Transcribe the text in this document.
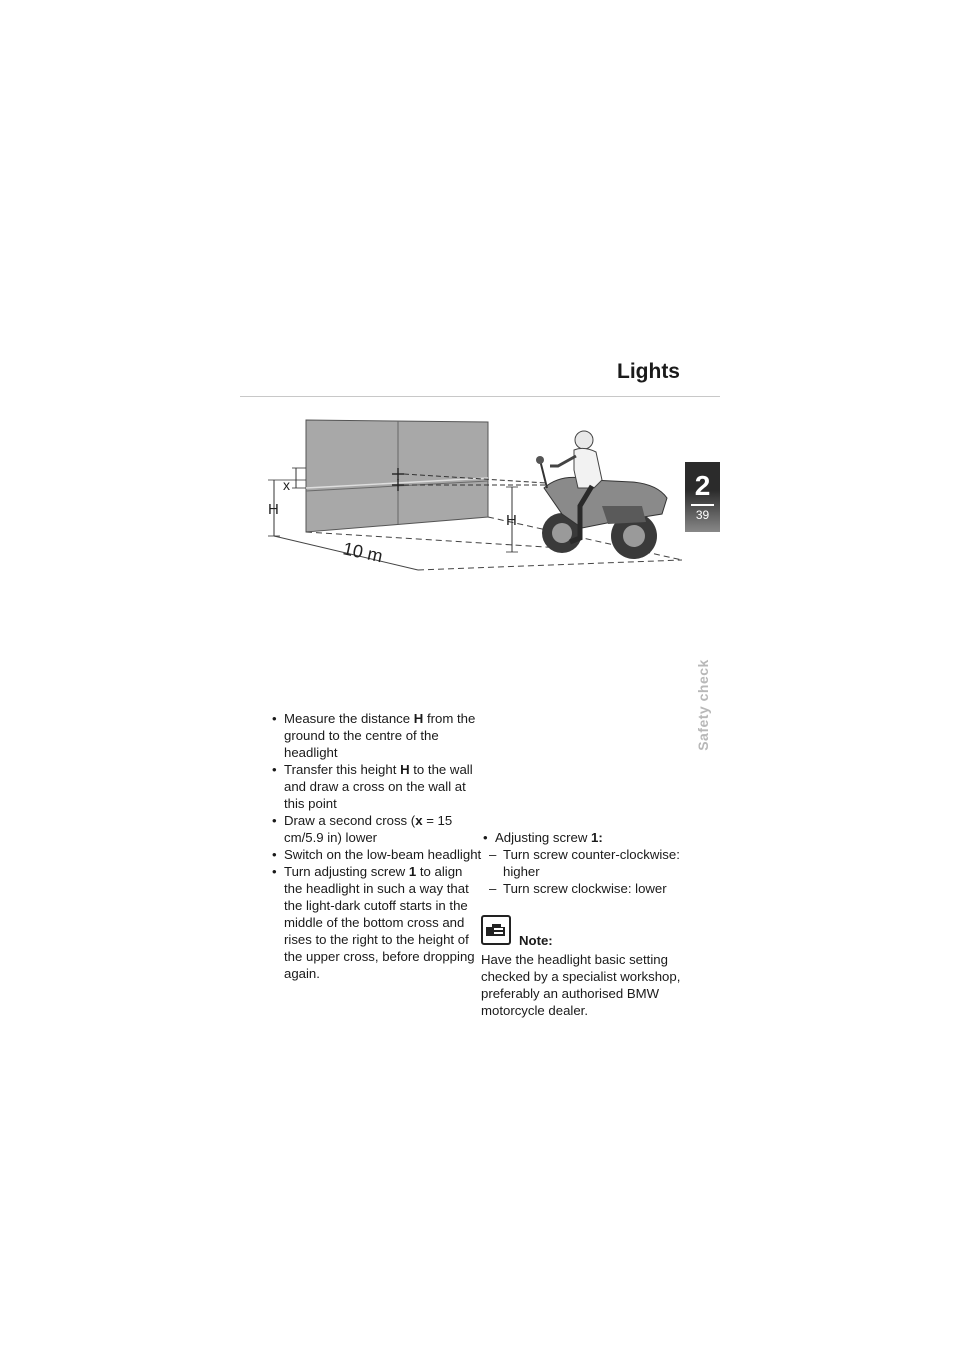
Lights
2
39
Safety check
x
H
H
10 m

• Measure the distance H from the ground to the centre of the headlight

• Transfer this height H to the wall and draw a cross on the wall at this point

• Draw a second cross (x = 15 cm/5.9 in) lower

• Switch on the low-beam headlight

• Turn adjusting screw 1 to align the headlight in such a way that the light-dark cutoff starts in the middle of the bottom cross and rises to the right to the height of the upper cross, before dropping again.

• Adjusting screw 1:

– Turn screw counter-clockwise: higher

– Turn screw clockwise: lower

Note:

Have the headlight basic setting checked by a specialist workshop, preferably an authorised BMW motorcycle dealer.
